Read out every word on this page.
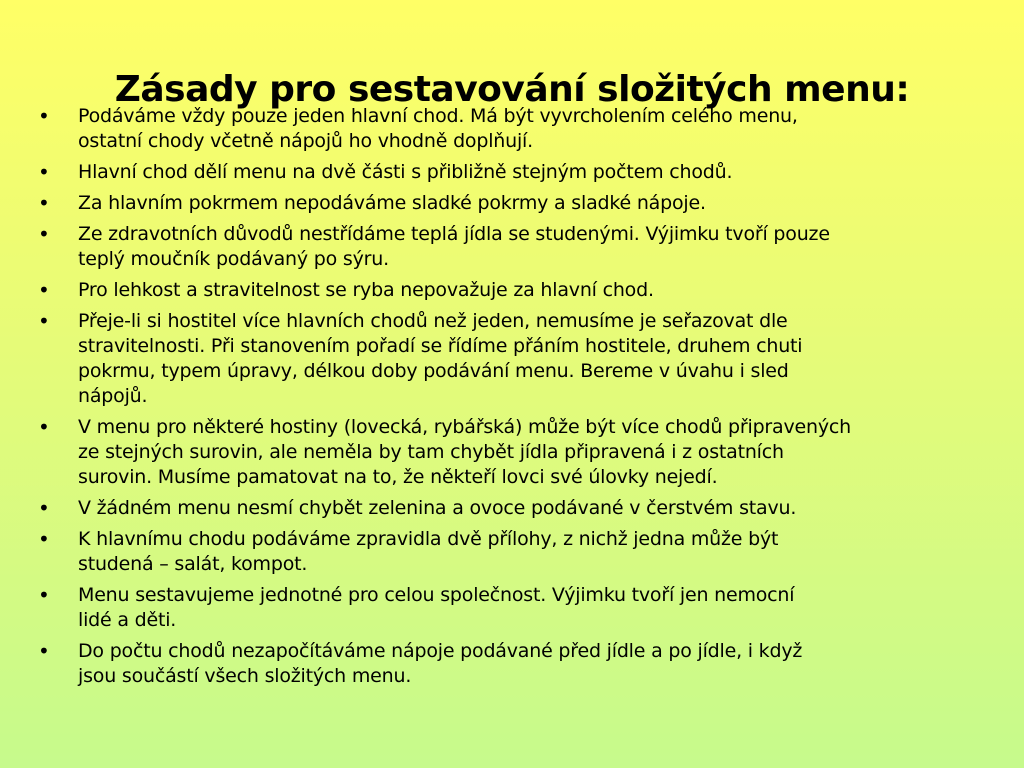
Zásady pro sestavování složitých menu:
•	Podáváme vždy pouze jeden hlavní chod. Má být vyvrcholením celého menu,
ostatní chody včetně nápojů ho vhodně doplňují.
•	Hlavní chod dělí menu na dvě části s přibližně stejným počtem chodů.
•	Za hlavním pokrmem nepodáváme sladké pokrmy a sladké nápoje.
•	Ze zdravotních důvodů nestřídáme teplá jídla se studenými. Výjimku tvoří pouze
teplý moučník podávaný po sýru.
•	Pro lehkost a stravitelnost se ryba nepovažuje za hlavní chod.
•	Přeje-li si hostitel více hlavních chodů než jeden, nemusíme je seřazovat dle
stravitelnosti. Při stanovením pořadí se řídíme přáním hostitele, druhem chuti
pokrmu, typem úpravy, délkou doby podávání menu. Bereme v úvahu i sled
nápojů.
•	V menu pro některé hostiny (lovecká, rybářská) může být více chodů připravených
ze stejných surovin, ale neměla by tam chybět jídla připravená i z ostatních
surovin. Musíme pamatovat na to, že někteří lovci své úlovky nejedí.
•	V žádném menu nesmí chybět zelenina a ovoce podávané v čerstvém stavu.
•	K hlavnímu chodu podáváme zpravidla dvě přílohy, z nichž jedna může být
studená – salát, kompot.
•	Menu sestavujeme jednotné pro celou společnost. Výjimku tvoří jen nemocní
lidé a děti.
•	Do počtu chodů nezapočítáváme nápoje podávané před jídle a po jídle, i když
jsou součástí všech složitých menu.
